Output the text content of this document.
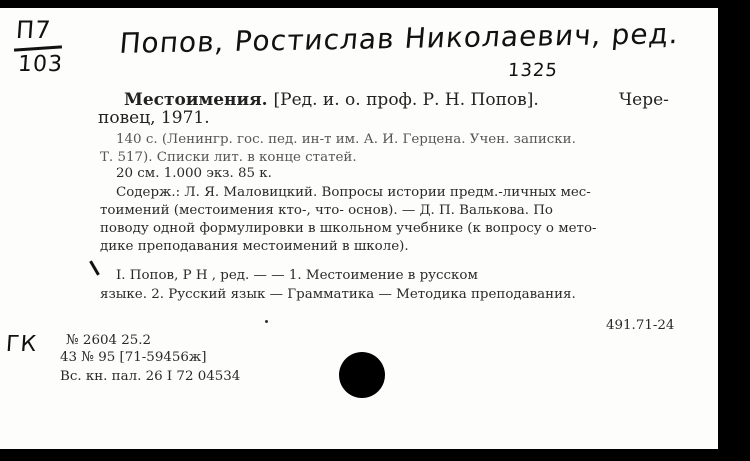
П7
103
Попов, Ростислав Николаевич, ред.
1325
Местоимения. [Ред. и. о. проф. Р. Н. Попов].	Чере-
повец, 1971.
140 с. (Ленингр. гос. пед. ин-т им. А. И. Герцена. Учен. записки.
Т. 517). Списки лит. в конце статей.
20 см. 1.000 экз. 85 к.
Содерж.: Л. Я. Маловицкий. Вопросы истории предм.-личных мес-
тоимений (местоимения кто-, что- основ). — Д. П. Валькова. По
поводу одной формулировки в школьном учебнике (к вопросу о мето-
дике преподавания местоимений в школе).
I. Попов, Р Н , ред. — — 1. Местоимение в русском
языке. 2. Русский язык — Грамматика — Методика преподавания.
491.71-24
ГК № 2604 25.2
43 № 95 [71-59456ж]
Вс. кн. пал. 26 I 72 04534
